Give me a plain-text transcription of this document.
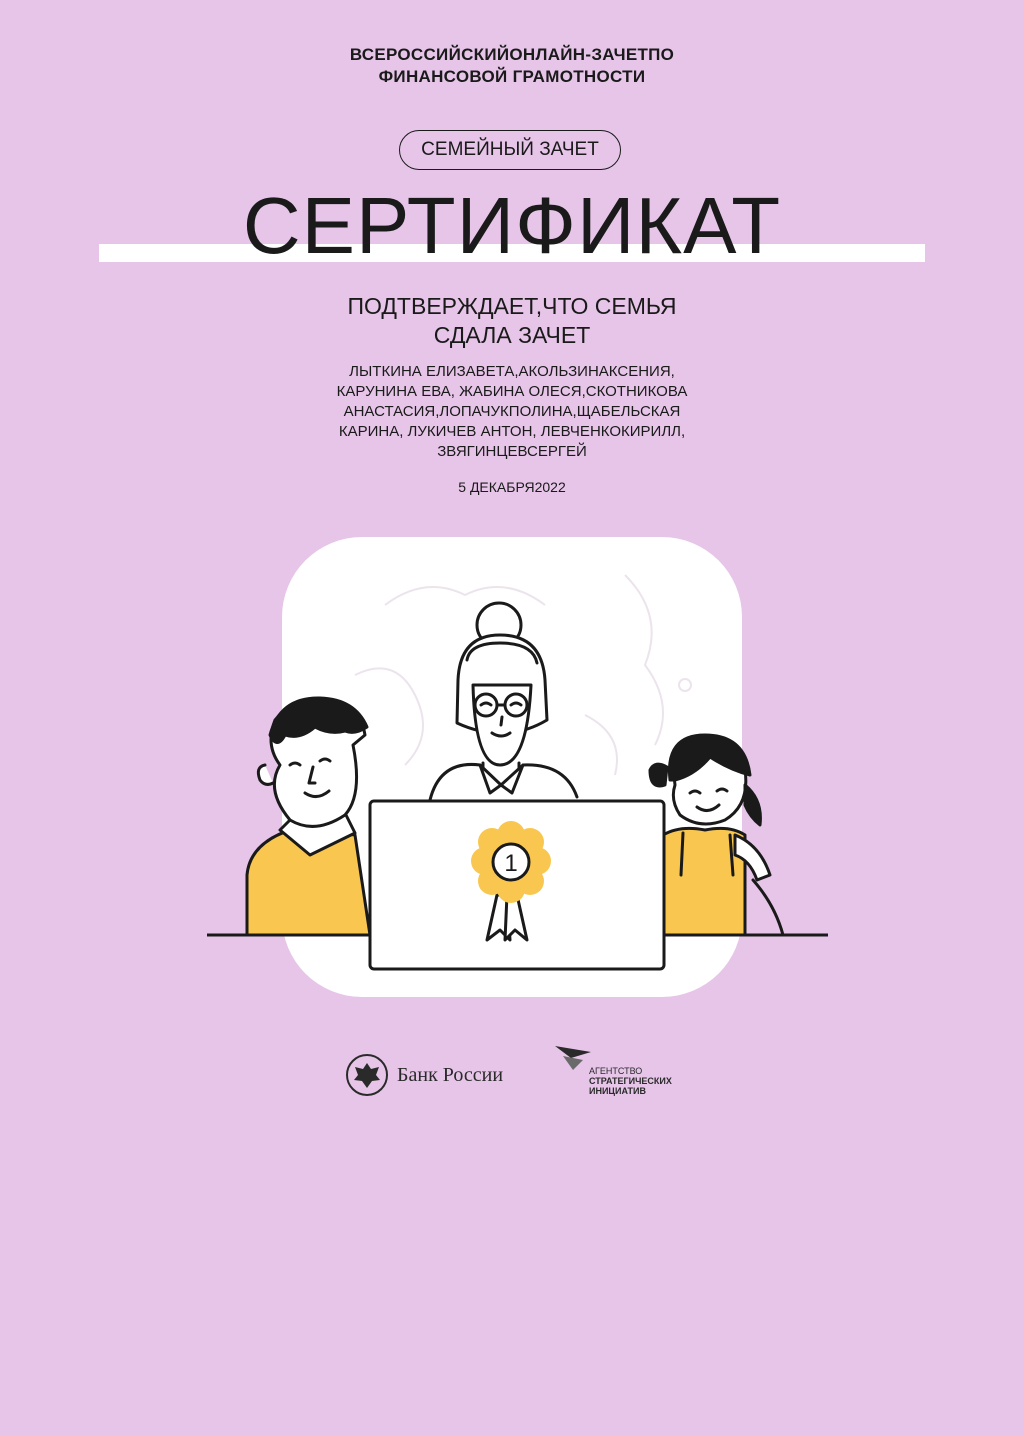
ВСЕРОССИЙСКИЙОНЛАЙН-ЗАЧЕТПО
ФИНАНСОВОЙ ГРАМОТНОСТИ
СЕМЕЙНЫЙ ЗАЧЕТ
СЕРТИФИКАТ
ПОДТВЕРЖДАЕТ,ЧТО СЕМЬЯ
СДАЛА ЗАЧЕТ
ЛЫТКИНА ЕЛИЗАВЕТА,АКОЛЬЗИНАКСЕНИЯ,
КАРУНИНА ЕВА, ЖАБИНА ОЛЕСЯ,СКОТНИКОВА
АНАСТАСИЯ,ЛОПАЧУКПОЛИНА,ЩАБЕЛЬСКАЯ
КАРИНА, ЛУКИЧЕВ АНТОН, ЛЕВЧЕНКОКИРИЛЛ,
ЗВЯГИНЦЕВСЕРГЕЙ
5 ДЕКАБРЯ2022
1
Банк России	АГЕНТСТВО
СТРАТЕГИЧЕСКИХ
ИНИЦИАТИВ
